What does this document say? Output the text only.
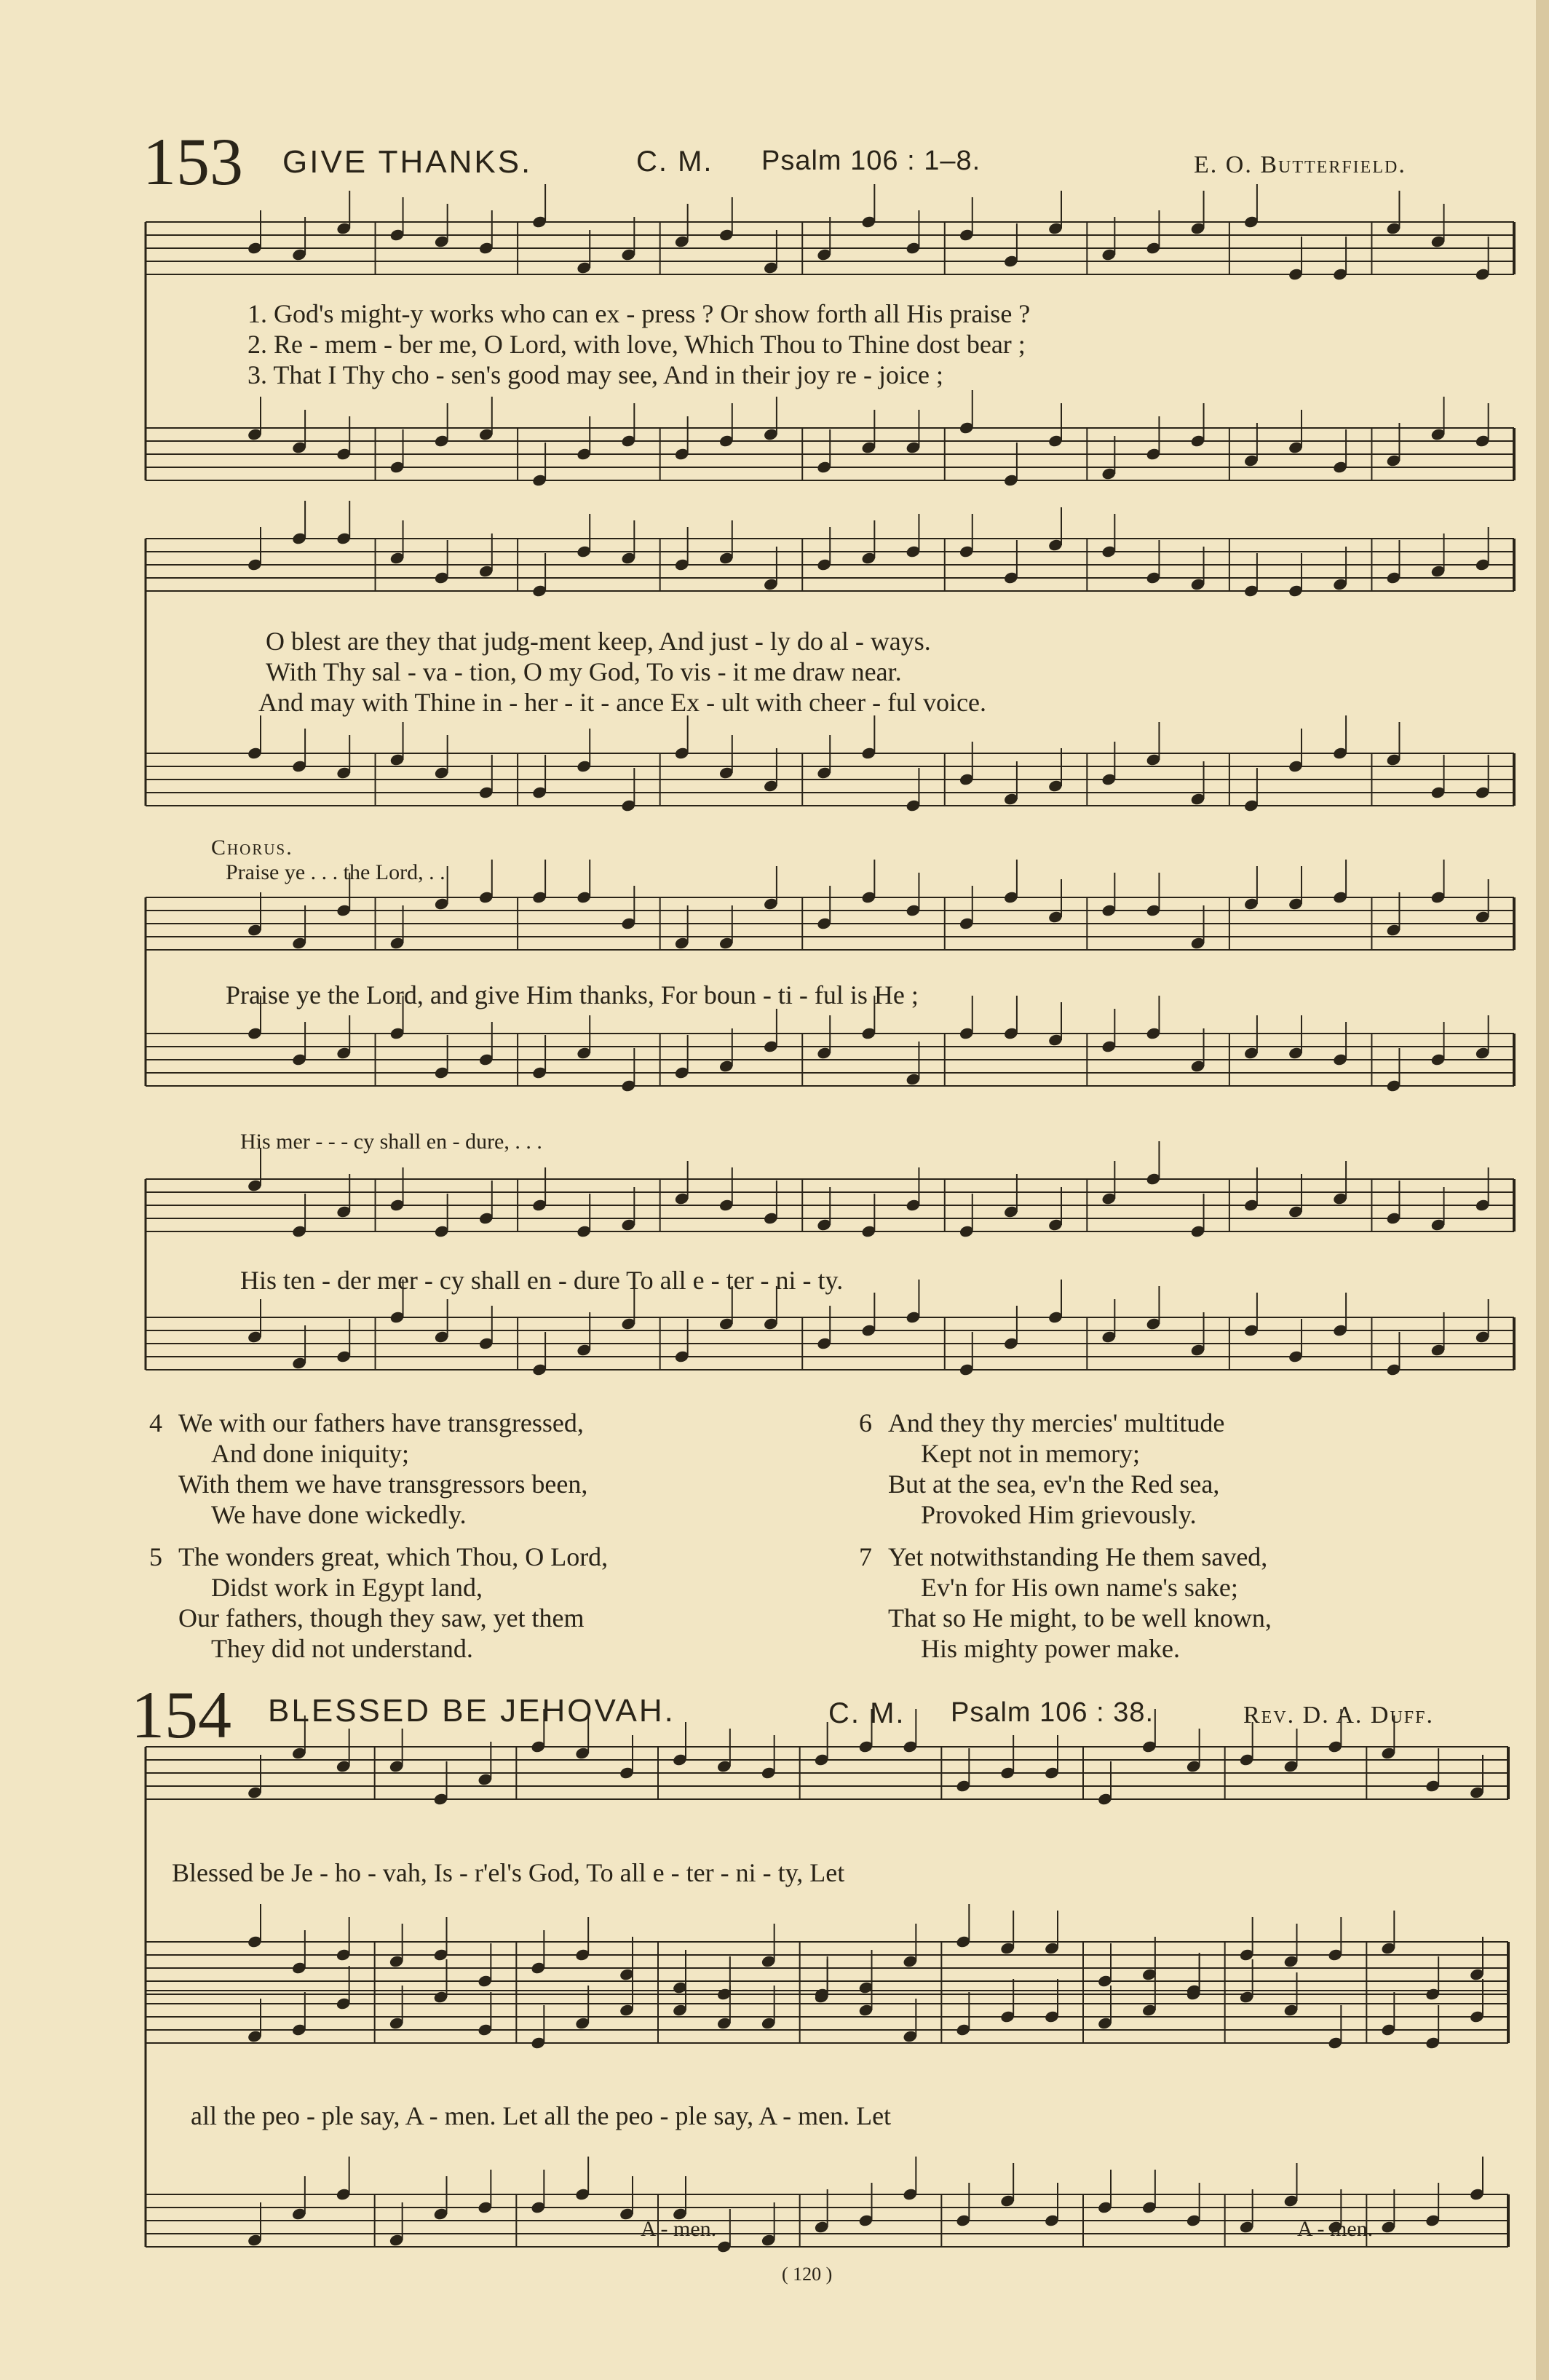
153 GIVE THANKS.	C. M. Psalm 106 : 1–8.	E. O. Butterfield.
1. God's might-y works who can ex - press ? Or show forth all His praise ?
2. Re - mem - ber me, O Lord, with love, Which Thou to Thine dost bear ;
3. That I Thy cho - sen's good may see, And in their joy re - joice ;
O blest are they that judg-ment keep, And just - ly do al - ways.
With Thy sal - va - tion, O my God, To vis - it me draw near.
And may with Thine in - her - it - ance Ex - ult with cheer - ful voice.
Chorus.
Praise ye . . . the Lord, . .
Praise ye the Lord, and give Him thanks, For boun - ti - ful is He ;
His mer - - - cy shall en - dure, . . .
His ten - der mer - cy shall en - dure To all e - ter - ni - ty.
4 We with our fathers have transgressed,
And done iniquity;
With them we have transgressors been,
We have done wickedly.
5 The wonders great, which Thou, O Lord,
Didst work in Egypt land,
Our fathers, though they saw, yet them
They did not understand.
6 And they thy mercies' multitude
Kept not in memory;
But at the sea, ev'n the Red sea,
Provoked Him grievously.
7 Yet notwithstanding He them saved,
Ev'n for His own name's sake;
That so He might, to be well known,
His mighty power make.
154 BLESSED BE JEHOVAH.	C. M. Psalm 106 : 38.	Rev. D. A. Duff.
Blessed be Je - ho - vah, Is - r'el's God, To all e - ter - ni - ty, Let
all the peo - ple say, A - men. Let all the peo - ple say, A - men. Let
A - men.	A - men.
( 120 )
